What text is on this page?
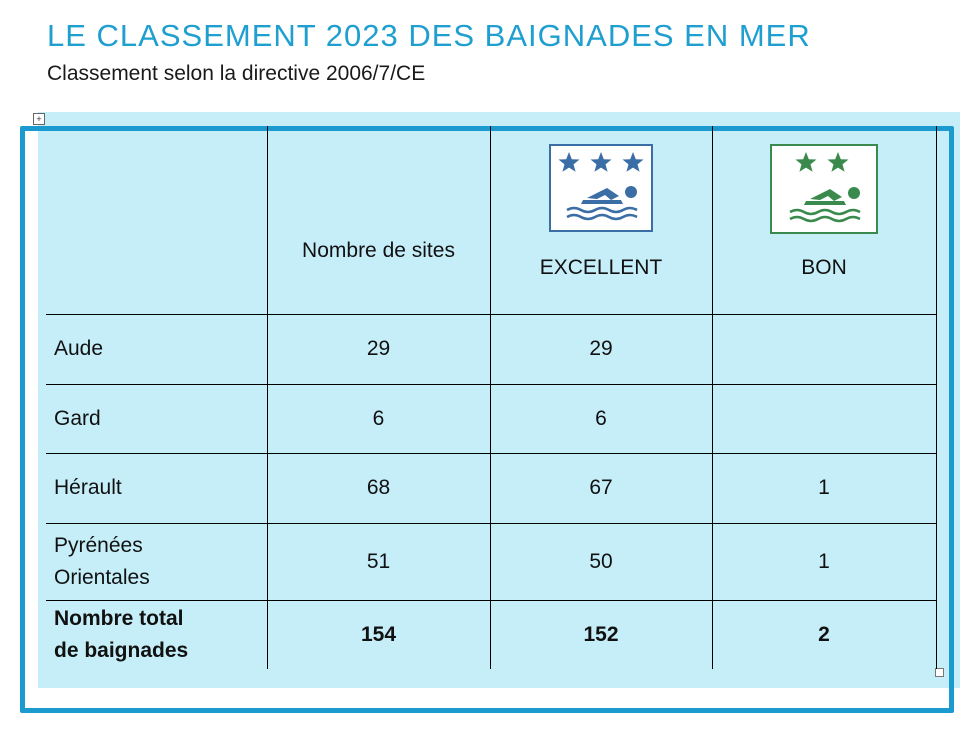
LE CLASSEMENT 2023 DES BAIGNADES EN MER
Classement selon la directive 2006/7/CE
+

	Nombre de sites	EXCELLENT	BON

Aude	29	29	
Gard	6	6	
Hérault	68	67	1

Pyrénées
Orientales	51	50	1

Nombre total
de baignades	154	152	2
